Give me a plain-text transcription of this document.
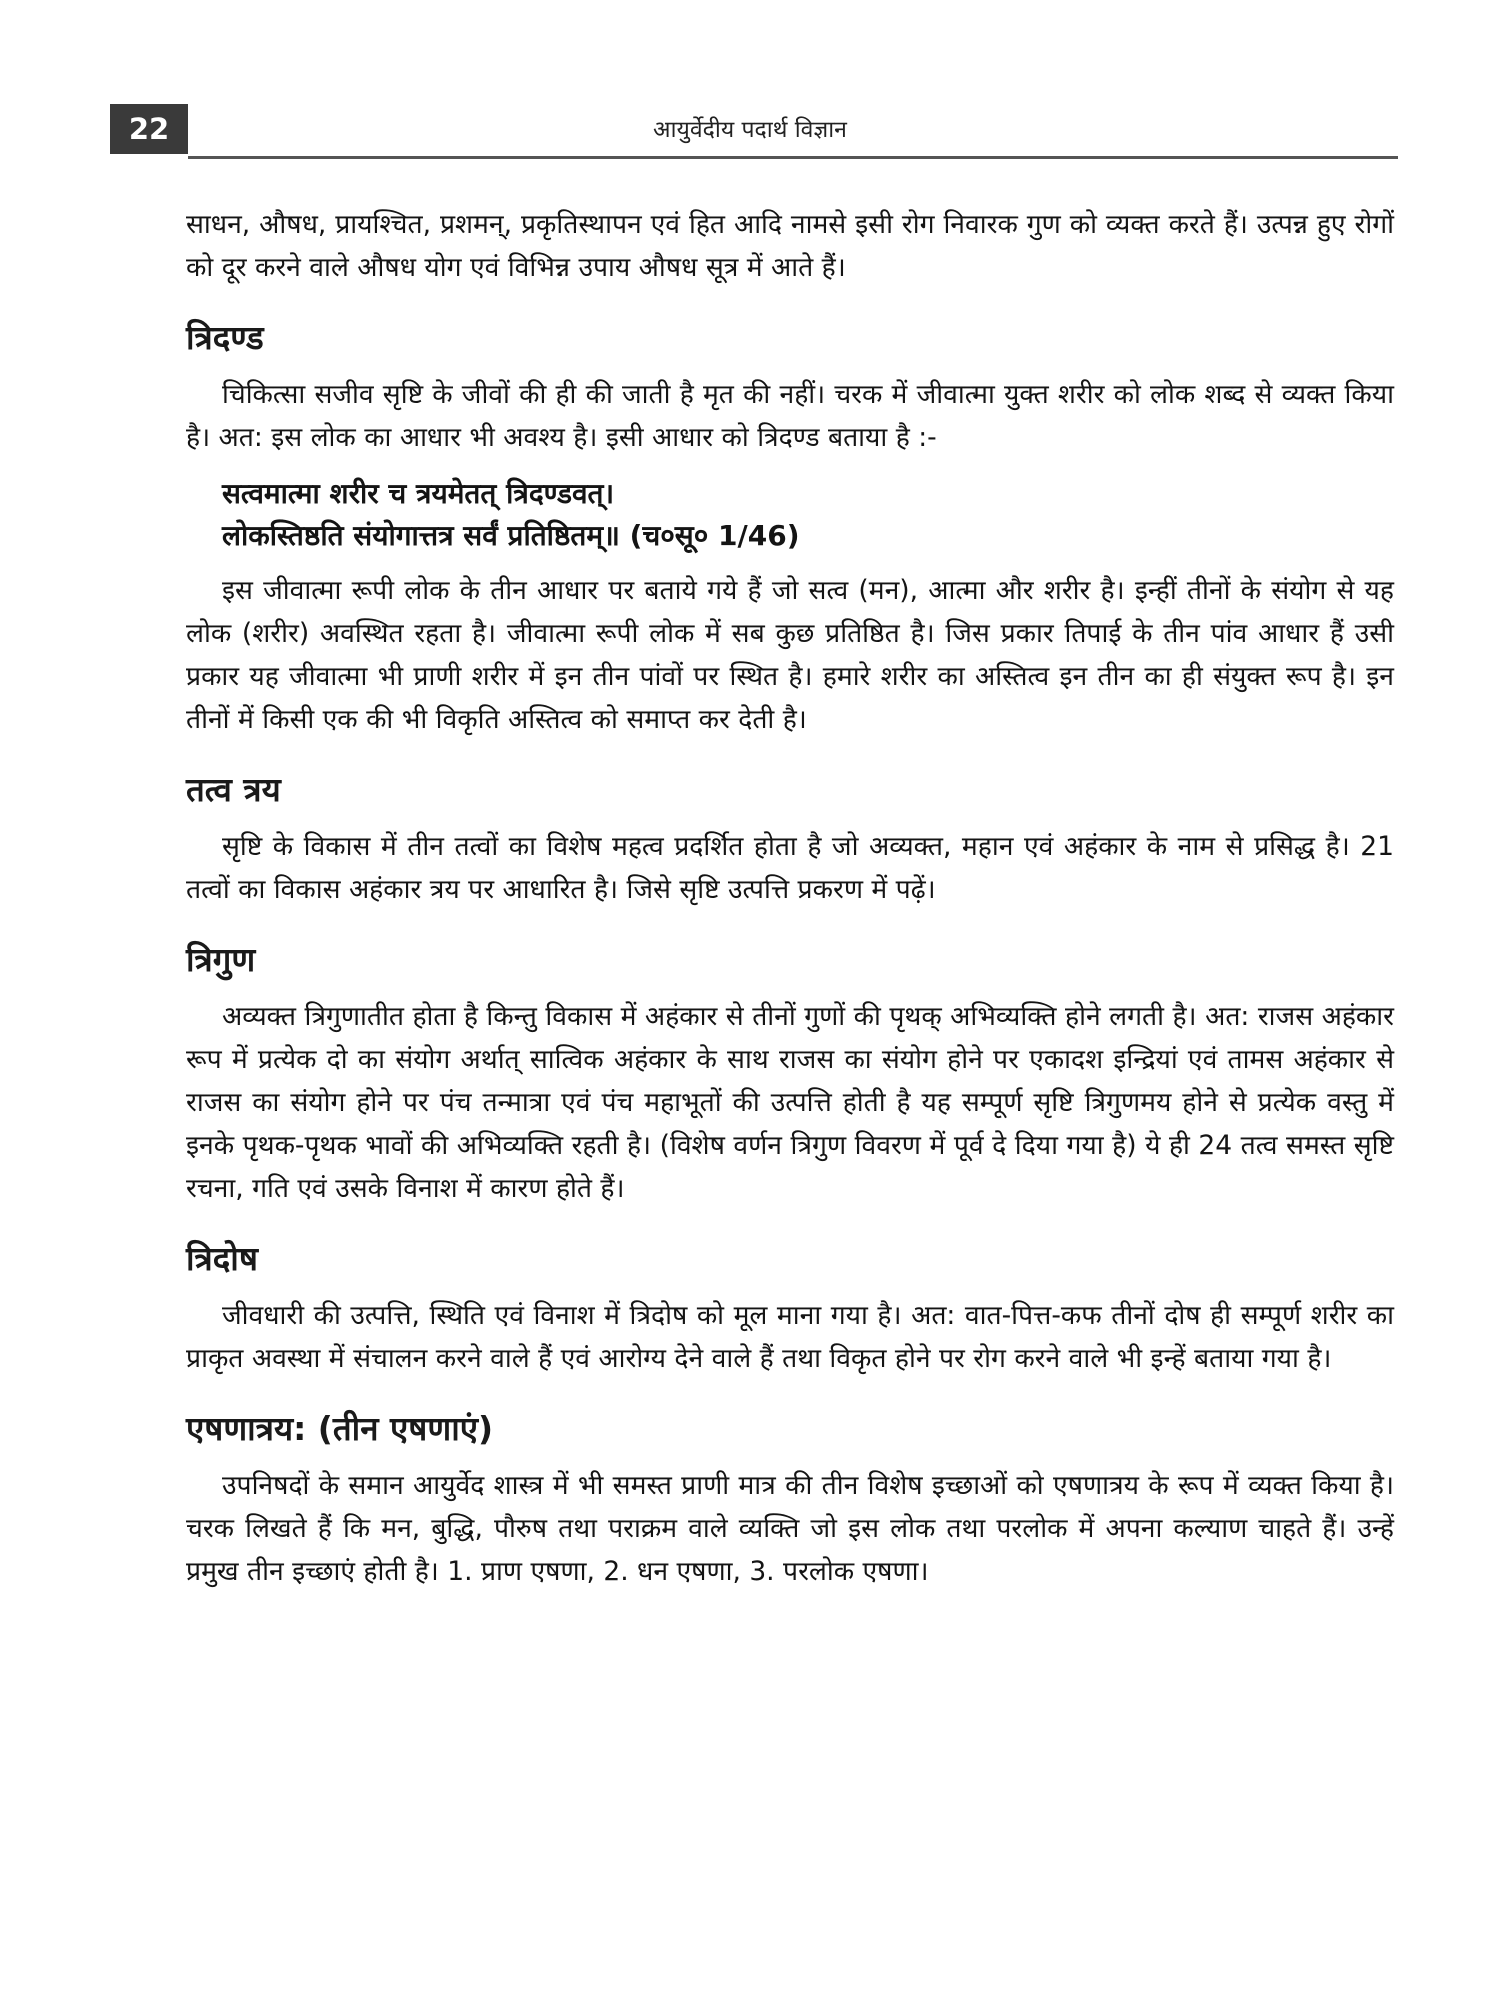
22	आयुर्वेदीय पदार्थ विज्ञान

साधन, औषध, प्रायश्चित, प्रशमन्, प्रकृतिस्थापन एवं हित आदि नामसे इसी रोग निवारक गुण को व्यक्त करते हैं। उत्पन्न हुए रोगों को दूर करने वाले औषध योग एवं विभिन्न उपाय औषध सूत्र में आते हैं।

त्रिदण्ड

चिकित्सा सजीव सृष्टि के जीवों की ही की जाती है मृत की नहीं। चरक में जीवात्मा युक्त शरीर को लोक शब्द से व्यक्त किया है। अत: इस लोक का आधार भी अवश्य है। इसी आधार को त्रिदण्ड बताया है :-

सत्वमात्मा शरीर च त्रयमेतत् त्रिदण्डवत्।
लोकस्तिष्ठति संयोगात्तत्र सर्वं प्रतिष्ठितम्॥ (च०सू० 1/46)

इस जीवात्मा रूपी लोक के तीन आधार पर बताये गये हैं जो सत्व (मन), आत्मा और शरीर है। इन्हीं तीनों के संयोग से यह लोक (शरीर) अवस्थित रहता है। जीवात्मा रूपी लोक में सब कुछ प्रतिष्ठित है। जिस प्रकार तिपाई के तीन पांव आधार हैं उसी प्रकार यह जीवात्मा भी प्राणी शरीर में इन तीन पांवों पर स्थित है। हमारे शरीर का अस्तित्व इन तीन का ही संयुक्त रूप है। इन तीनों में किसी एक की भी विकृति अस्तित्व को समाप्त कर देती है।

तत्व त्रय

सृष्टि के विकास में तीन तत्वों का विशेष महत्व प्रदर्शित होता है जो अव्यक्त, महान एवं अहंकार के नाम से प्रसिद्ध है। 21 तत्वों का विकास अहंकार त्रय पर आधारित है। जिसे सृष्टि उत्पत्ति प्रकरण में पढ़ें।

त्रिगुण

अव्यक्त त्रिगुणातीत होता है किन्तु विकास में अहंकार से तीनों गुणों की पृथक् अभिव्यक्ति होने लगती है। अत: राजस अहंकार रूप में प्रत्येक दो का संयोग अर्थात् सात्विक अहंकार के साथ राजस का संयोग होने पर एकादश इन्द्रियां एवं तामस अहंकार से राजस का संयोग होने पर पंच तन्मात्रा एवं पंच महाभूतों की उत्पत्ति होती है यह सम्पूर्ण सृष्टि त्रिगुणमय होने से प्रत्येक वस्तु में इनके पृथक-पृथक भावों की अभिव्यक्ति रहती है। (विशेष वर्णन त्रिगुण विवरण में पूर्व दे दिया गया है) ये ही 24 तत्व समस्त सृष्टि रचना, गति एवं उसके विनाश में कारण होते हैं।

त्रिदोष

जीवधारी की उत्पत्ति, स्थिति एवं विनाश में त्रिदोष को मूल माना गया है। अत: वात-पित्त-कफ तीनों दोष ही सम्पूर्ण शरीर का प्राकृत अवस्था में संचालन करने वाले हैं एवं आरोग्य देने वाले हैं तथा विकृत होने पर रोग करने वाले भी इन्हें बताया गया है।

एषणात्रय: (तीन एषणाएं)

उपनिषदों के समान आयुर्वेद शास्त्र में भी समस्त प्राणी मात्र की तीन विशेष इच्छाओं को एषणात्रय के रूप में व्यक्त किया है। चरक लिखते हैं कि मन, बुद्धि, पौरुष तथा पराक्रम वाले व्यक्ति जो इस लोक तथा परलोक में अपना कल्याण चाहते हैं। उन्हें प्रमुख तीन इच्छाएं होती है। 1. प्राण एषणा, 2. धन एषणा, 3. परलोक एषणा।
